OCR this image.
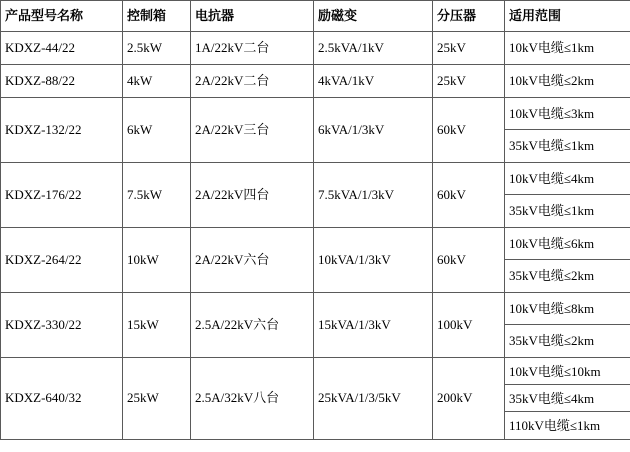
产品型号名称	控制箱	电抗器	励磁变	分压器	适用范围
KDXZ-44/22	2.5kW	1A/22kV二台	2.5kVA/1kV	25kV	10kV电缆≤1km

KDXZ-88/22	4kW	2A/22kV二台	4kVA/1kV	25kV	10kV电缆≤2km

KDXZ-132/22	6kW	2A/22kV三台	6kVA/1/3kV	60kV	10kV电缆≤3km
35kV电缆≤1km

KDXZ-176/22	7.5kW	2A/22kV四台	7.5kVA/1/3kV	60kV	10kV电缆≤4km
35kV电缆≤1km

KDXZ-264/22	10kW	2A/22kV六台	10kVA/1/3kV	60kV	10kV电缆≤6km
35kV电缆≤2km

KDXZ-330/22	15kW	2.5A/22kV六台	15kVA/1/3kV	100kV	10kV电缆≤8km
35kV电缆≤2km

KDXZ-640/32	25kW	2.5A/32kV八台	25kVA/1/3/5kV	200kV	10kV电缆≤10km
35kV电缆≤4km
110kV电缆≤1km
